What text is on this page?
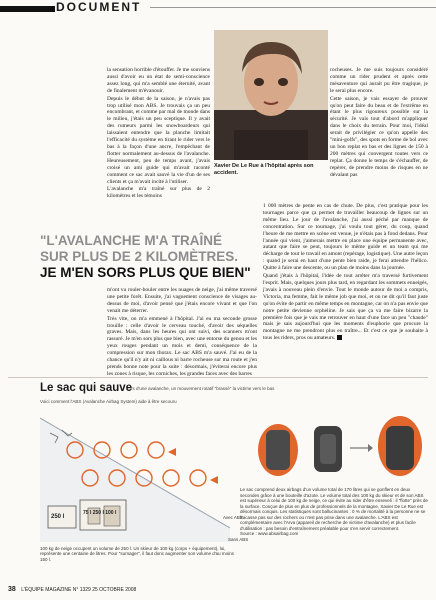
DOCUMENT

la sensation horrible d'étouffer. Je me souviens aussi d'avoir eu un état de semi-conscience assez long, qui m'a semblé une éternité, avant de finalement m'évanouir.

Depuis le début de la saison, je n'avais pas trop utilisé mon ABS. Je trouvais ça un peu encombrant, et comme par mal de monde dans le milieu, j'étais un peu sceptique. Il y avait des rumeurs parmi les snowboardeurs qui laissaient entendre que la planche limitait l'efficacité du système en tirant le rider vers le bas à la façon d'une ancre, l'empêchant de flotter normalement au-dessus de l'avalanche. Heureusement, peu de temps avant, j'avais croisé un ami guide qui m'avait raconté comment ce sac avait sauvé la vie d'un de ses clients et ça m'avait incité à l'utiliser.

L'avalanche m'a traîné sur plus de 2 kilomètres et les témoins

Xavier De Le Rue à l'hôpital après son accident.

rocheuses. Je me suis toujours considéré comme un rider prudent et après cette mésaventure qui aurait pu être tragique, je le serai plus encore.

Cette saison, je vais essayer de prouver qu'on peut faire du beau et de l'extrême en étant le plus rigoureux possible sur la sécurité. Je vais tout d'abord m'appliquer dans le choix du terrain. Pour moi, l'idéal serait de privilégier ce qu'on appelle des "mini-golfs", des spots en forme de bol avec un bon replat en bas et des lignes de 150 à 200 mètres qui convergent toutes vers ce replat. Ça donne le temps de s'échauffer, de repérer, de prendre moins de risques en ne dévalant pas

1 000 mètres de pente en cas de chute. De plus, c'est pratique pour les tournages parce que ça permet de travailler beaucoup de lignes sur un même lieu. Le jour de l'avalanche, j'ai aussi péché par manque de concentration. Sur ce tournage, j'ai voulu tout gérer, du coup, quand l'heure de me mettre en scène est venue, je n'étais pas à fond dedans. Pour l'année qui vient, j'aimerais mettre en place une équipe permanente avec, autant que faire se peut, toujours le même guide et un team qui me décharge de tout le travail en amont (repérage, logistique). Une autre leçon : quand je serai en haut d'une pente bien raide, je ferai attendre l'hélico. Quitte à faire une descente, ou un plan de moins dans la journée.

Quand j'étais à l'hôpital, l'idée de tout arrêter m'a traversé furtivement l'esprit. Mais, quelques jours plus tard, en regardant les sommets enneigés, j'avais à nouveau plein d'envie. Tout le monde autour de moi a compris, Victoria, ma femme, fait le même job que moi, et on ne dit qu'il faut juste qu'on évite de partir en même temps en montagne, car on n'a pas envie que notre petite devienne orpheline. Je sais que ça va me faire bizarre la première fois que je vais me retrouver en haut d'une face un peu "chaude" mais je sais aujourd'hui que les moments d'euphorie que procure la montagne ne me prendront plus en traître... Et c'est ce que je souhaite à tous les riders, pros ou amateurs.

"L'AVALANCHE M'A TRAÎNÉ
SUR PLUS DE 2 KILOMÈTRES.
JE M'EN SORS PLUS QUE BIEN"

m'ont vu rouler-bouler entre les nuages de neige, j'ai même traversé une petite forêt. Ensuite, j'ai vaguement conscience de visages au-dessus de moi, d'avoir pensé que j'étais encore vivant et que l'on venait me déterrer.

Très vite, on m'a emmené à l'hôpital. J'ai eu ma seconde grosse trouille : celle d'avoir le cerveau touché, d'avoir des séquelles graves. Mais, dans les heures qui ont suivi, des scanners m'ont rassuré. Je m'en sors plus que bien, avec une entorse du genou et les yeux rouges pendant un mois et demi, conséquence de la compression sur mon thorax. Le sac ABS m'a sauvé. J'ai eu de la chance qu'il n'y ait ni caillous ni barre rocheuse sur ma route et j'en prends bonne note pour la suite : désormais, j'éviterai encore plus les zones à risque, les corniches, les grandes faces avec des barres

Le sac qui sauve
Lors d'une avalanche, un mouvement rotatif "brassé" la victime vers le bas
Voici comment l'ABS (Avalanche Airbag System) aide à être secouru
250 l
75 l 250 l 100 l
Avec ABS
Sans ABS
100 kg de neige occupent un volume de 250 l. Un skieur de 100 kg (corps + équipement), lui, représente une centaine de litres. Pour "surnager", il faut donc augmenter son volume d'au moins 150 l.
Le sac comprend deux airbags d'un volume total de 170 litres qui se gonflent en deux secondes grâce à une bouteille d'azote. Le volume total des 100 kg du skieur et de son ABS est supérieur à celui de 100 kg de neige, ce qui évite au rider d'être enseveli : il "flotte" près de la surface. Conçue de plus en plus de professionnels de la montagne, Xavier De Le Rue est désormais conquis. Les statistiques sont ballucinantes : 0 % de mortalité à la personne ne se fracasse pas sur des rochers ou n'est pas prise dans une avalanche. L'ABS est complémentaire avec l'Arva (appareil de recherche de victime d'avalanche) et plus facile d'utilisation : pas besoin d'entraînement préalable pour s'en servir correctement.
Source : www.absairbag.com
38 L'ÉQUIPE MAGAZINE N° 1329 25 OCTOBRE 2008
